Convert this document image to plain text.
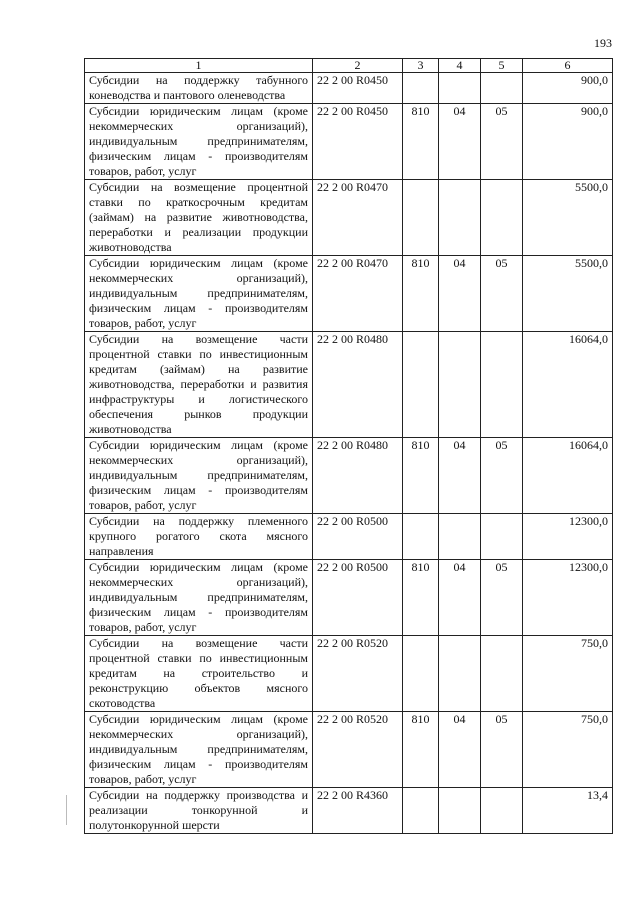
193
1	2	3	4	5	6
Субсидии на поддержку табунного коневодства и пантового оленеводства	22 2 00 R0450				900,0
Субсидии юридическим лицам (кроме некоммерческих организаций), индивидуальным предпринимателям, физическим лицам - производителям товаров, работ, услуг	22 2 00 R0450	810	04	05	900,0
Субсидии на возмещение процентной ставки по краткосрочным кредитам (займам) на развитие животноводства, переработки и реализации продукции животноводства	22 2 00 R0470				5500,0
Субсидии юридическим лицам (кроме некоммерческих организаций), индивидуальным предпринимателям, физическим лицам - производителям товаров, работ, услуг	22 2 00 R0470	810	04	05	5500,0
Субсидии на возмещение части процентной ставки по инвестиционным кредитам (займам) на развитие животноводства, переработки и развития инфраструктуры и логистического обеспечения рынков продукции животноводства	22 2 00 R0480				16064,0
Субсидии юридическим лицам (кроме некоммерческих организаций), индивидуальным предпринимателям, физическим лицам - производителям товаров, работ, услуг	22 2 00 R0480	810	04	05	16064,0
Субсидии на поддержку племенного крупного рогатого скота мясного направления	22 2 00 R0500				12300,0
Субсидии юридическим лицам (кроме некоммерческих организаций), индивидуальным предпринимателям, физическим лицам - производителям товаров, работ, услуг	22 2 00 R0500	810	04	05	12300,0
Субсидии на возмещение части процентной ставки по инвестиционным кредитам на строительство и реконструкцию объектов мясного скотоводства	22 2 00 R0520				750,0
Субсидии юридическим лицам (кроме некоммерческих организаций), индивидуальным предпринимателям, физическим лицам - производителям товаров, работ, услуг	22 2 00 R0520	810	04	05	750,0
Субсидии на поддержку производства и реализации тонкорунной и полутонкорунной шерсти	22 2 00 R4360				13,4
